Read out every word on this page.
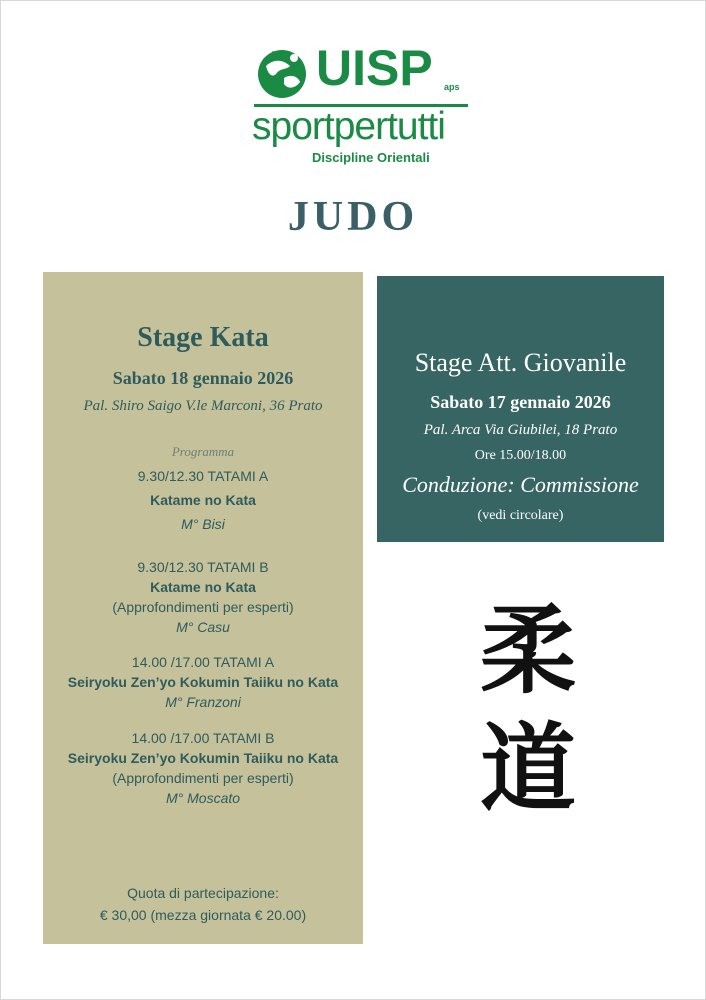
UISP UISP aps
sportpertutti
Discipline Orientali
JUDO
Stage Kata
Sabato 18 gennaio 2026
Pal. Shiro Saigo V.le Marconi, 36 Prato
Programma
9.30/12.30 TATAMI A
Katame no Kata
M° Bisi
9.30/12.30 TATAMI B
Katame no Kata
(Approfondimenti per esperti)
M° Casu
14.00 /17.00 TATAMI A
Seiryoku Zen’yo Kokumin Taiiku no Kata
M° Franzoni
14.00 /17.00 TATAMI B
Seiryoku Zen’yo Kokumin Taiiku no Kata
(Approfondimenti per esperti)
M° Moscato
Quota di partecipazione:
€ 30,00 (mezza giornata € 20.00)
Stage Att. Giovanile
Sabato 17 gennaio 2026
Pal. Arca Via Giubilei, 18 Prato
Ore 15.00/18.00
Conduzione: Commissione
(vedi circolare)
柔
道
